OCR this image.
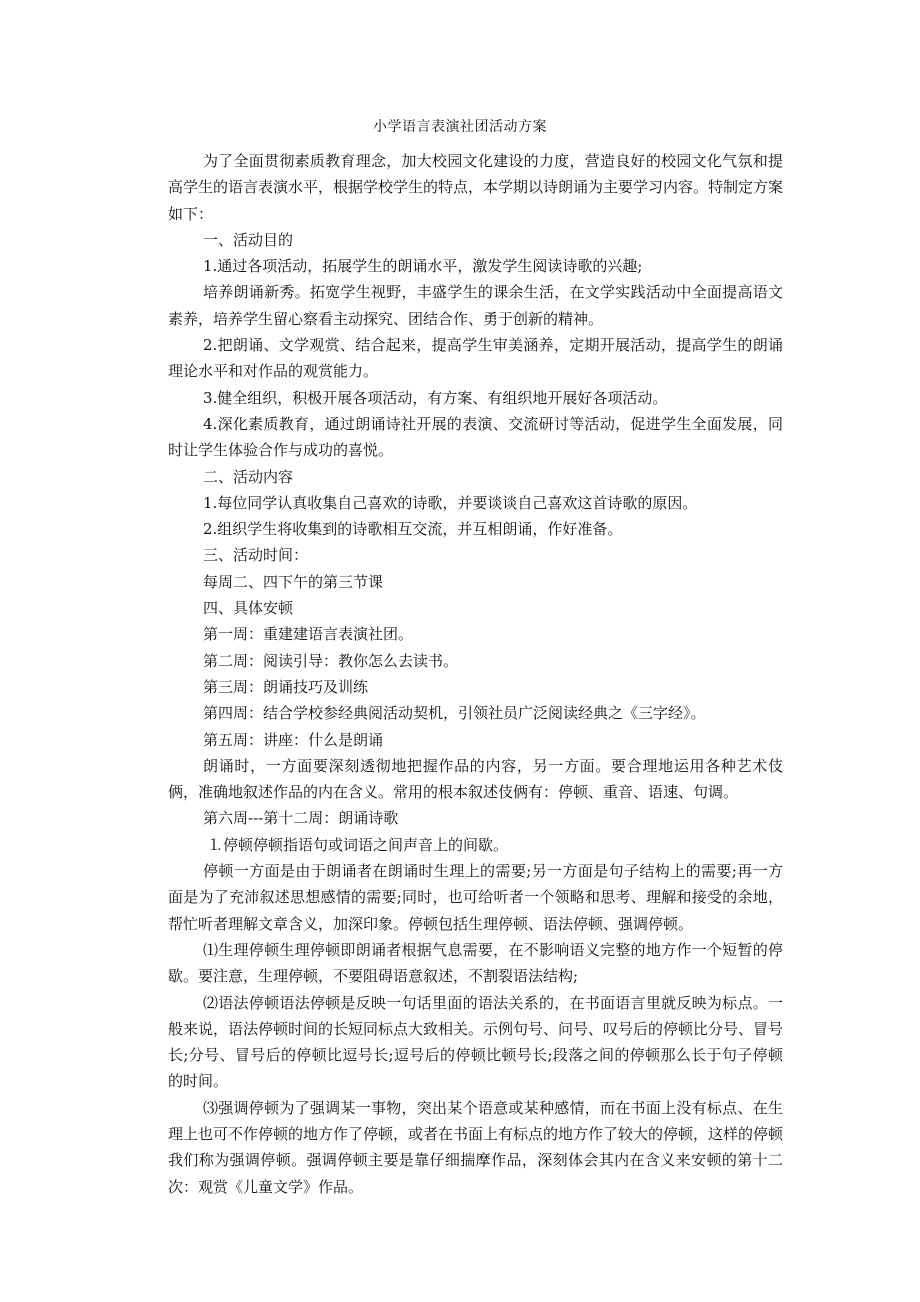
小学语言表演社团活动方案

为了全面贯彻素质教育理念，加大校园文化建设的力度，营造良好的校园文化气氛和提高学生的语言表演水平，根据学校学生的特点，本学期以诗朗诵为主要学习内容。特制定方案如下：

一、活动目的

1.通过各项活动，拓展学生的朗诵水平，激发学生阅读诗歌的兴趣;

培养朗诵新秀。拓宽学生视野，丰盛学生的课余生活，在文学实践活动中全面提高语文素养，培养学生留心察看主动探究、团结合作、勇于创新的精神。

2.把朗诵、文学观赏、结合起来，提高学生审美涵养，定期开展活动，提高学生的朗诵理论水平和对作品的观赏能力。

3.健全组织，积极开展各项活动，有方案、有组织地开展好各项活动。

4.深化素质教育，通过朗诵诗社开展的表演、交流研讨等活动，促进学生全面发展，同时让学生体验合作与成功的喜悦。

二、活动内容

1.每位同学认真收集自己喜欢的诗歌，并要谈谈自己喜欢这首诗歌的原因。

2.组织学生将收集到的诗歌相互交流，并互相朗诵，作好准备。

三、活动时间：

每周二、四下午的第三节课

四、具体安顿

第一周：重建建语言表演社团。

第二周：阅读引导：教你怎么去读书。

第三周：朗诵技巧及训练

第四周：结合学校参经典阅活动契机，引领社员广泛阅读经典之《三字经》。

第五周：讲座：什么是朗诵

朗诵时，一方面要深刻透彻地把握作品的内容，另一方面。要合理地运用各种艺术伎俩，准确地叙述作品的内在含义。常用的根本叙述伎俩有：停顿、重音、语速、句调。

第六周---第十二周：朗诵诗歌

⒈停顿停顿指语句或词语之间声音上的间歇。

停顿一方面是由于朗诵者在朗诵时生理上的需要;另一方面是句子结构上的需要;再一方面是为了充沛叙述思想感情的需要;同时，也可给听者一个领略和思考、理解和接受的余地，帮忙听者理解文章含义，加深印象。停顿包括生理停顿、语法停顿、强调停顿。

⑴生理停顿生理停顿即朗诵者根据气息需要，在不影响语义完整的地方作一个短暂的停歇。要注意，生理停顿，不要阻碍语意叙述，不割裂语法结构;

⑵语法停顿语法停顿是反映一句话里面的语法关系的，在书面语言里就反映为标点。一般来说，语法停顿时间的长短同标点大致相关。示例句号、问号、叹号后的停顿比分号、冒号长;分号、冒号后的停顿比逗号长;逗号后的停顿比顿号长;段落之间的停顿那么长于句子停顿的时间。

⑶强调停顿为了强调某一事物，突出某个语意或某种感情，而在书面上没有标点、在生理上也可不作停顿的地方作了停顿，或者在书面上有标点的地方作了较大的停顿，这样的停顿我们称为强调停顿。强调停顿主要是靠仔细揣摩作品，深刻体会其内在含义来安顿的第十二次：观赏《儿童文学》作品。
